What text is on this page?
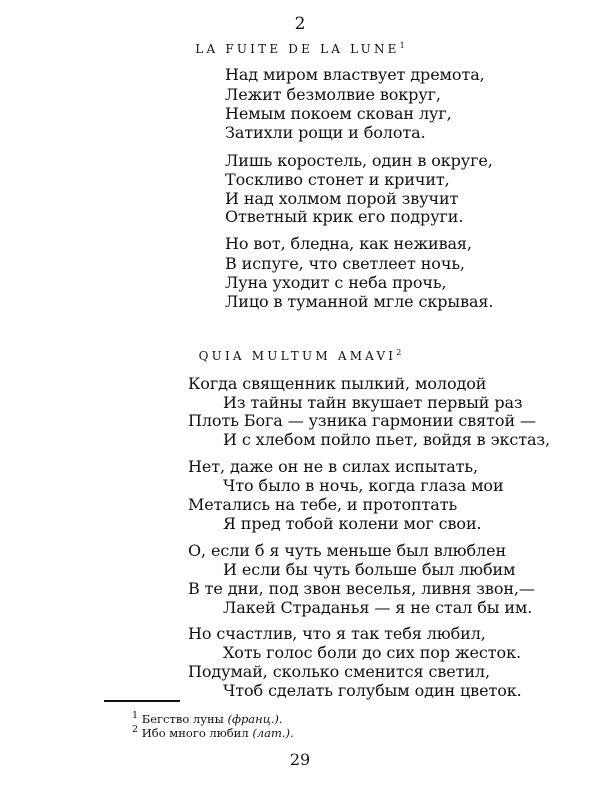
2
LA FUITE DE LA LUNE$^1$
Над миром властвует дремота,
Лежит безмолвие вокруг,
Немым покоем скован луг,
Затихли рощи и болота.
Лишь коростель, один в округе,
Тоскливо стонет и кричит,
И над холмом порой звучит
Ответный крик его подруги.
Но вот, бледна, как неживая,
В испуге, что светлеет ночь,
Луна уходит с неба прочь,
Лицо в туманной мгле скрывая.
QUIA MULTUM AMAVI$^2$
Когда священник пылкий, молодой
Из тайны тайн вкушает первый раз
Плоть Бога — узника гармонии святой —
И с хлебом пойло пьет, войдя в экстаз,
Нет, даже он не в силах испытать,
Что было в ночь, когда глаза мои
Метались на тебе, и протоптать
Я пред тобой колени мог свои.
О, если б я чуть меньше был влюблен
И если бы чуть больше был любим
В те дни, под звон веселья, ливня звон,—
Лакей Страданья — я не стал бы им.
Но счастлив, что я так тебя любил,
Хоть голос боли до сих пор жесток.
Подумай, сколько сменится светил,
Чтоб сделать голубым один цветок.
$^1$ Бегство луны (франц.).
$^2$ Ибо много любил (лат.).
29
